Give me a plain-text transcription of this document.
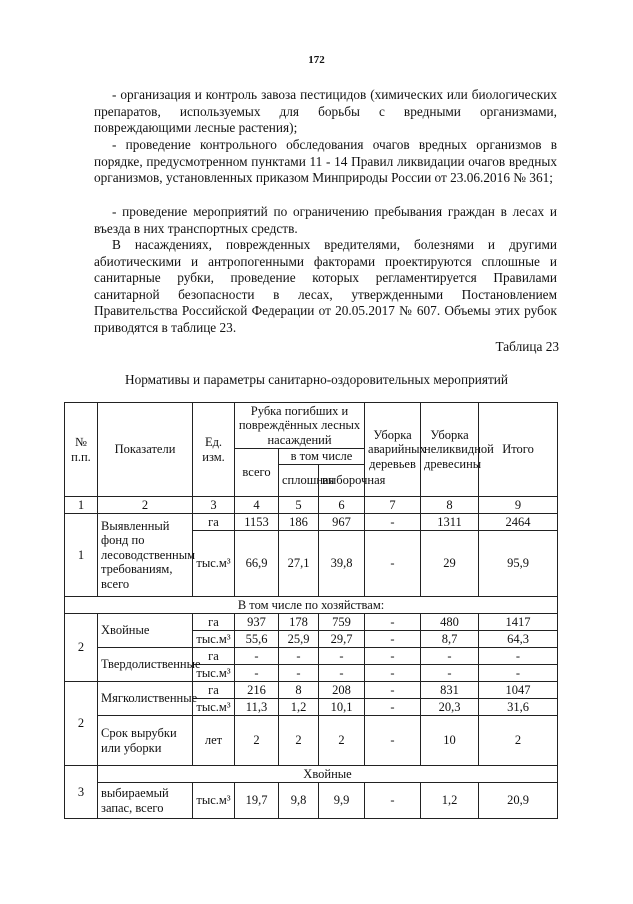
172

- организация и контроль завоза пестицидов (химических или биологических препаратов, используемых для борьбы с вредными организмами, повреждающими лесные растения);

- проведение контрольного обследования очагов вредных организмов в порядке, предусмотренном пунктами 11 - 14 Правил ликвидации очагов вредных организмов, установленных приказом Минприроды России от 23.06.2016 № 361;

- проведение мероприятий по ограничению пребывания граждан в лесах и въезда в них транспортных средств.

В насаждениях, поврежденных вредителями, болезнями и другими абиотическими и антропогенными факторами проектируются сплошные и санитарные рубки, проведение которых регламентируется Правилами санитарной безопасности в лесах, утвержденными Постановлением Правительства Российской Федерации от 20.05.2017 № 607. Объемы этих рубок приводятся в таблице 23.

Таблица 23
Нормативы и параметры санитарно-оздоровительных мероприятий
№ п.п.	Показатели	Ед. изм.	Рубка погибших и повреждённых лесных насаждений			Уборка аварийных деревьев	Уборка неликвидной древесины	Итого
			всего	в том числе				
				сплошная	выборочная			
1	2	3	4	5	6	7	8	9
1	Выявленный фонд по лесоводственным требованиям, всего	га	1153	186	967	-	1311	2464
		тыс.м³	66,9	27,1	39,8	-	29	95,9
В том числе по хозяйствам:								
2	Хвойные	га	937	178	759	-	480	1417
		тыс.м³	55,6	25,9	29,7	-	8,7	64,3
	Твердолиственные	га	-	-	-	-	-	-
		тыс.м³	-	-	-	-	-	-
2	Мягколиственные	га	216	8	208	-	831	1047
		тыс.м³	11,3	1,2	10,1	-	20,3	31,6
	Срок вырубки или уборки	лет	2	2	2	-	10	2
3	Хвойные							
	выбираемый запас, всего	тыс.м³	19,7	9,8	9,9	-	1,2	20,9
